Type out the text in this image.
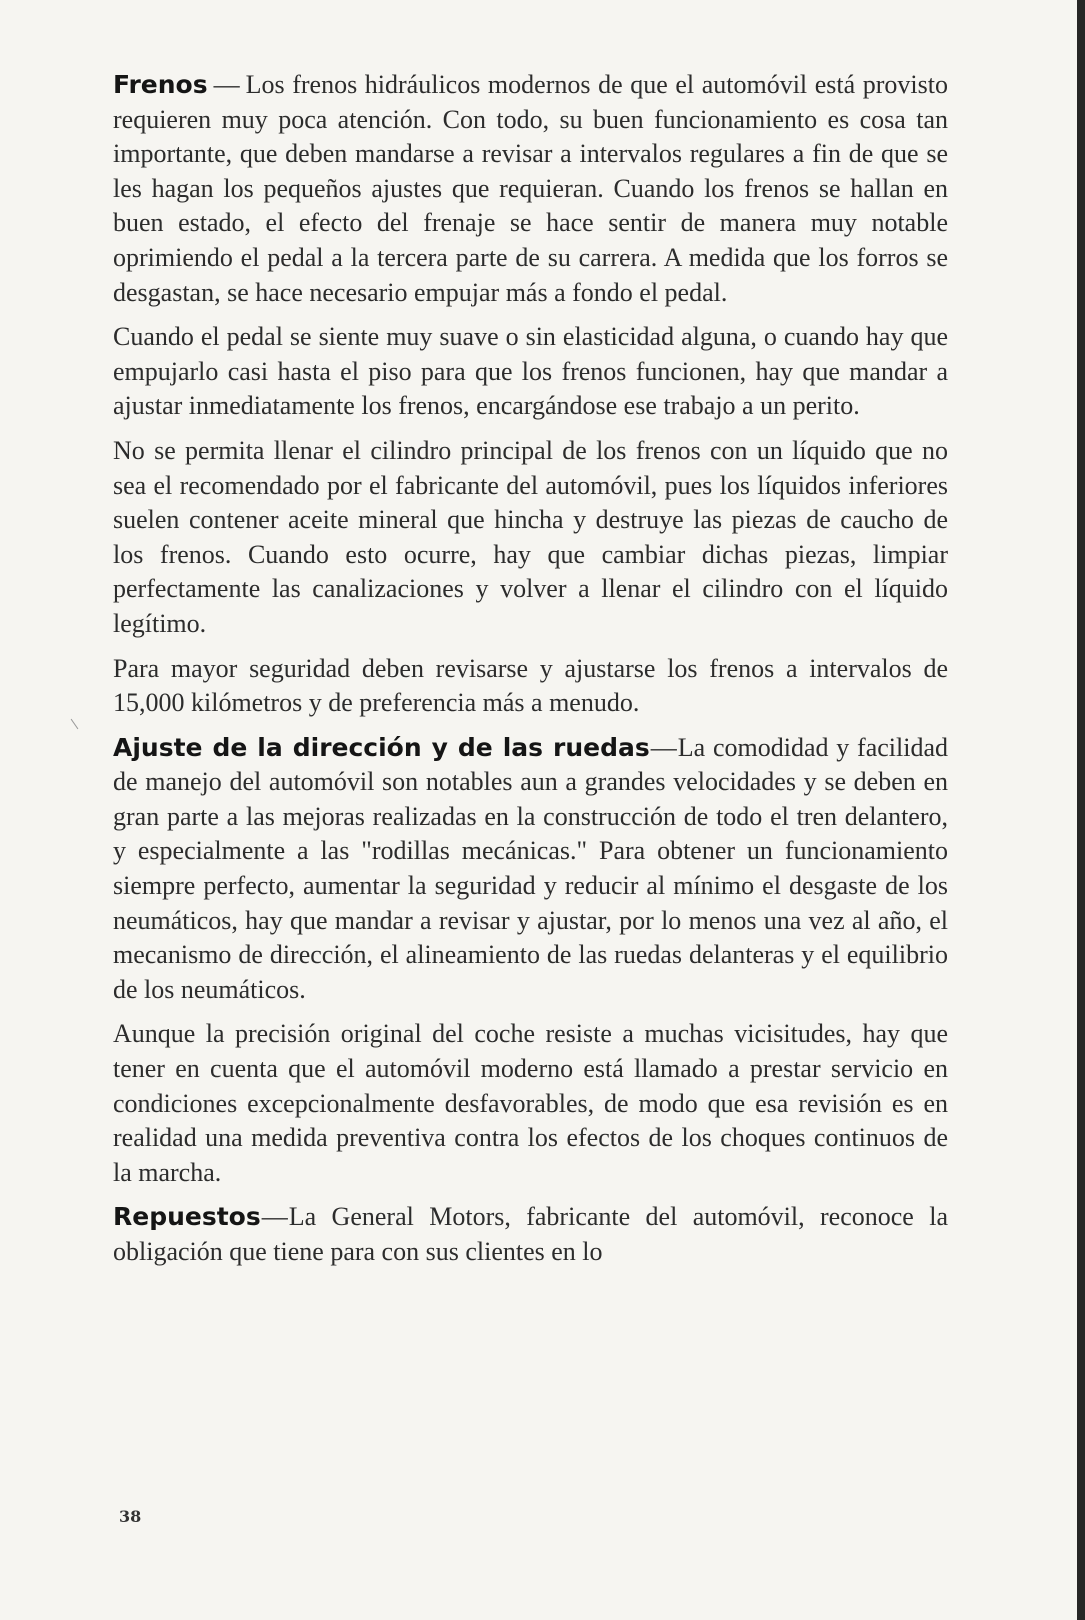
Frenos — Los frenos hidráulicos modernos de que el automóvil está provisto requieren muy poca atención. Con todo, su buen funcionamiento es cosa tan importante, que deben mandarse a revisar a intervalos regulares a fin de que se les hagan los pequeños ajustes que requieran. Cuando los frenos se hallan en buen estado, el efecto del frenaje se hace sentir de manera muy notable oprimiendo el pedal a la tercera parte de su carrera. A medida que los forros se desgastan, se hace necesario empujar más a fondo el pedal.

Cuando el pedal se siente muy suave o sin elasticidad alguna, o cuando hay que empujarlo casi hasta el piso para que los frenos funcionen, hay que mandar a ajustar inmediatamente los frenos, encargándose ese trabajo a un perito.

No se permita llenar el cilindro principal de los frenos con un líquido que no sea el recomendado por el fabricante del automóvil, pues los líquidos inferiores suelen contener aceite mineral que hincha y destruye las piezas de caucho de los frenos. Cuando esto ocurre, hay que cambiar dichas piezas, limpiar perfectamente las canalizaciones y volver a llenar el cilindro con el líquido legítimo.

Para mayor seguridad deben revisarse y ajustarse los frenos a intervalos de 15,000 kilómetros y de preferencia más a menudo.

Ajuste de la dirección y de las ruedas—La comodidad y facilidad de manejo del automóvil son notables aun a grandes velocidades y se deben en gran parte a las mejoras realizadas en la construcción de todo el tren delantero, y especialmente a las "rodillas mecánicas." Para obtener un funcionamiento siempre perfecto, aumentar la seguridad y reducir al mínimo el desgaste de los neumáticos, hay que mandar a revisar y ajustar, por lo menos una vez al año, el mecanismo de dirección, el alineamiento de las ruedas delanteras y el equilibrio de los neumáticos.

Aunque la precisión original del coche resiste a muchas vicisitudes, hay que tener en cuenta que el automóvil moderno está llamado a prestar servicio en condiciones excepcionalmente desfavorables, de modo que esa revisión es en realidad una medida preventiva contra los efectos de los choques continuos de la marcha.

Repuestos—La General Motors, fabricante del automóvil, reconoce la obligación que tiene para con sus clientes en lo

38
